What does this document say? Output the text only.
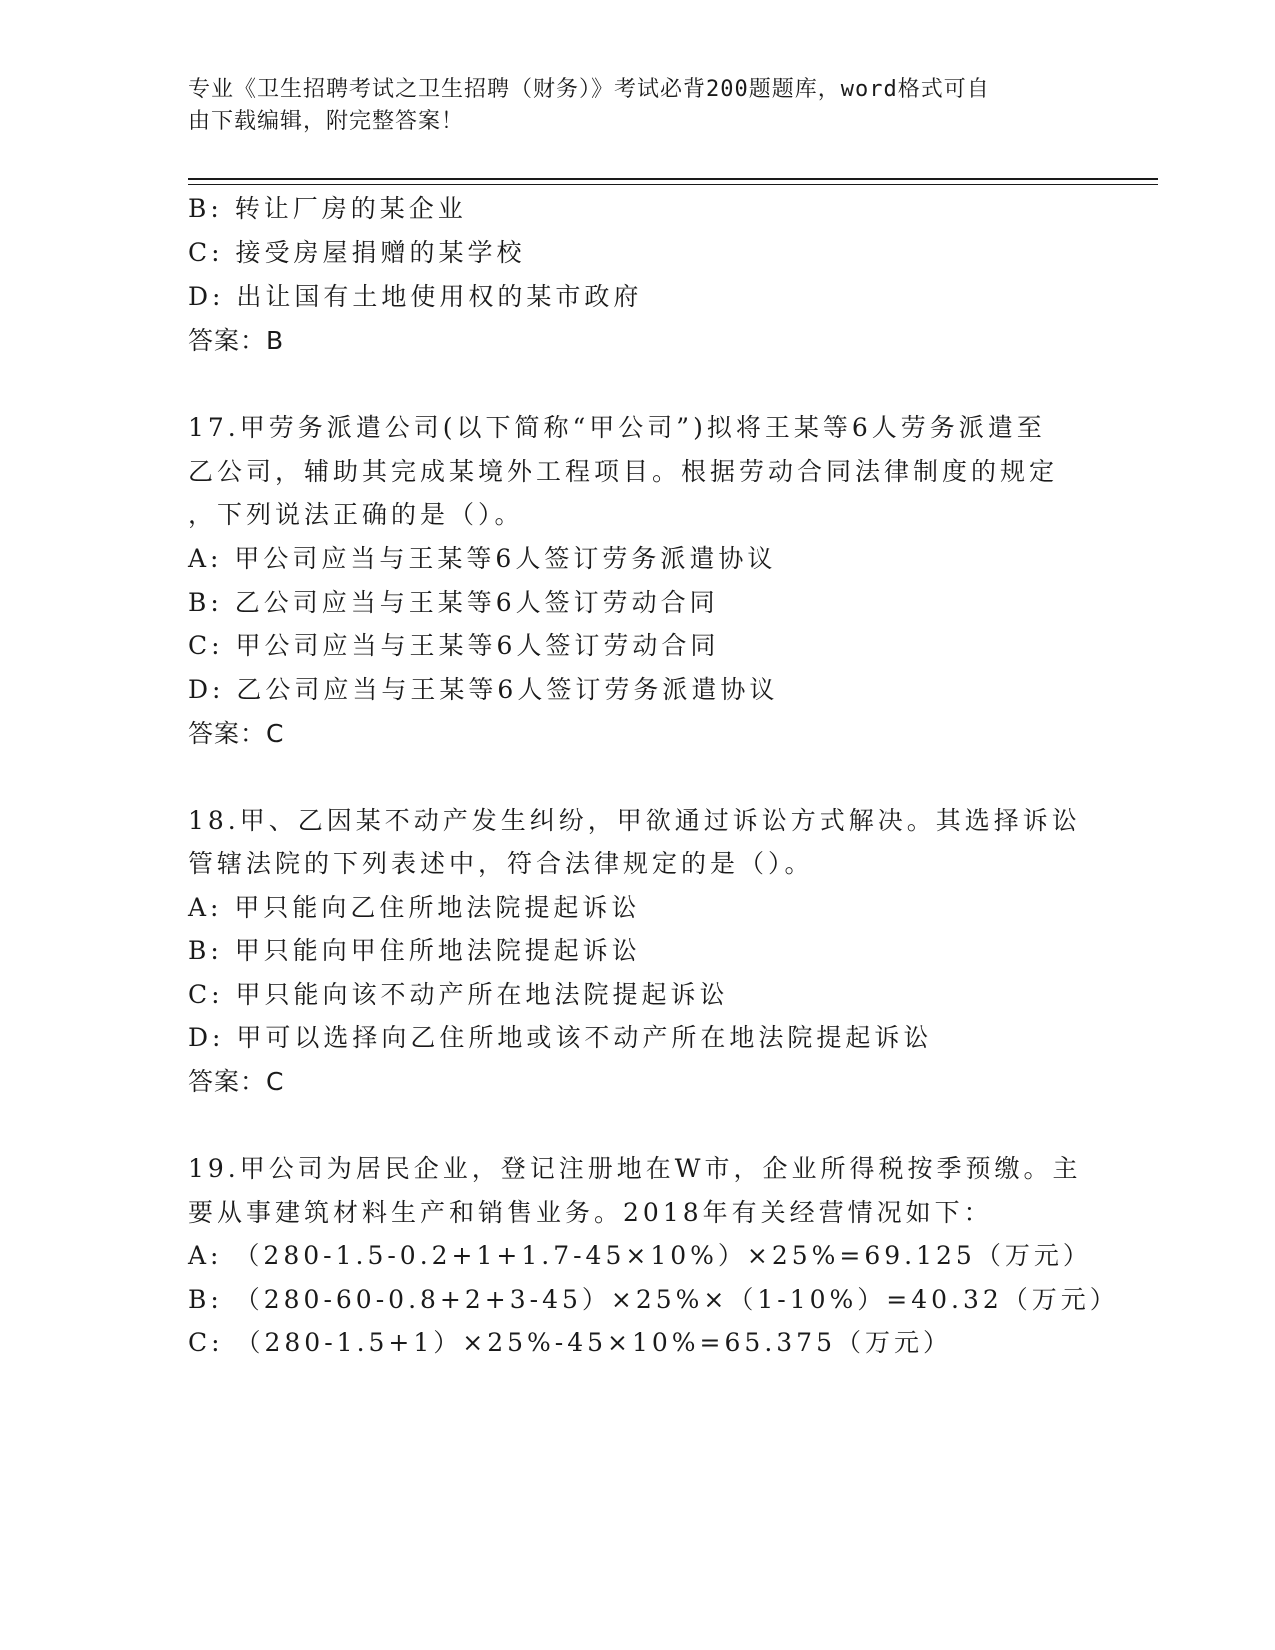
专业《卫生招聘考试之卫生招聘（财务）》考试必背200题题库，word格式可自
由下载编辑，附完整答案！
B: 转让厂房的某企业
C: 接受房屋捐赠的某学校
D: 出让国有土地使用权的某市政府
答案：B
17.甲劳务派遣公司(以下简称“甲公司”)拟将王某等6人劳务派遣至
乙公司，辅助其完成某境外工程项目。根据劳动合同法律制度的规定
，下列说法正确的是（）。
A: 甲公司应当与王某等6人签订劳务派遣协议
B: 乙公司应当与王某等6人签订劳动合同
C: 甲公司应当与王某等6人签订劳动合同
D: 乙公司应当与王某等6人签订劳务派遣协议
答案：C
18.甲、乙因某不动产发生纠纷，甲欲通过诉讼方式解决。其选择诉讼
管辖法院的下列表述中，符合法律规定的是（）。
A: 甲只能向乙住所地法院提起诉讼
B: 甲只能向甲住所地法院提起诉讼
C: 甲只能向该不动产所在地法院提起诉讼
D: 甲可以选择向乙住所地或该不动产所在地法院提起诉讼
答案：C
19.甲公司为居民企业，登记注册地在W市，企业所得税按季预缴。主
要从事建筑材料生产和销售业务。2018年有关经营情况如下：
A: （280-1.5-0.2+1+1.7-45×10%）×25%=69.125（万元）
B: （280-60-0.8+2+3-45）×25%×（1-10%）=40.32（万元）
C: （280-1.5+1）×25%-45×10%=65.375（万元）
